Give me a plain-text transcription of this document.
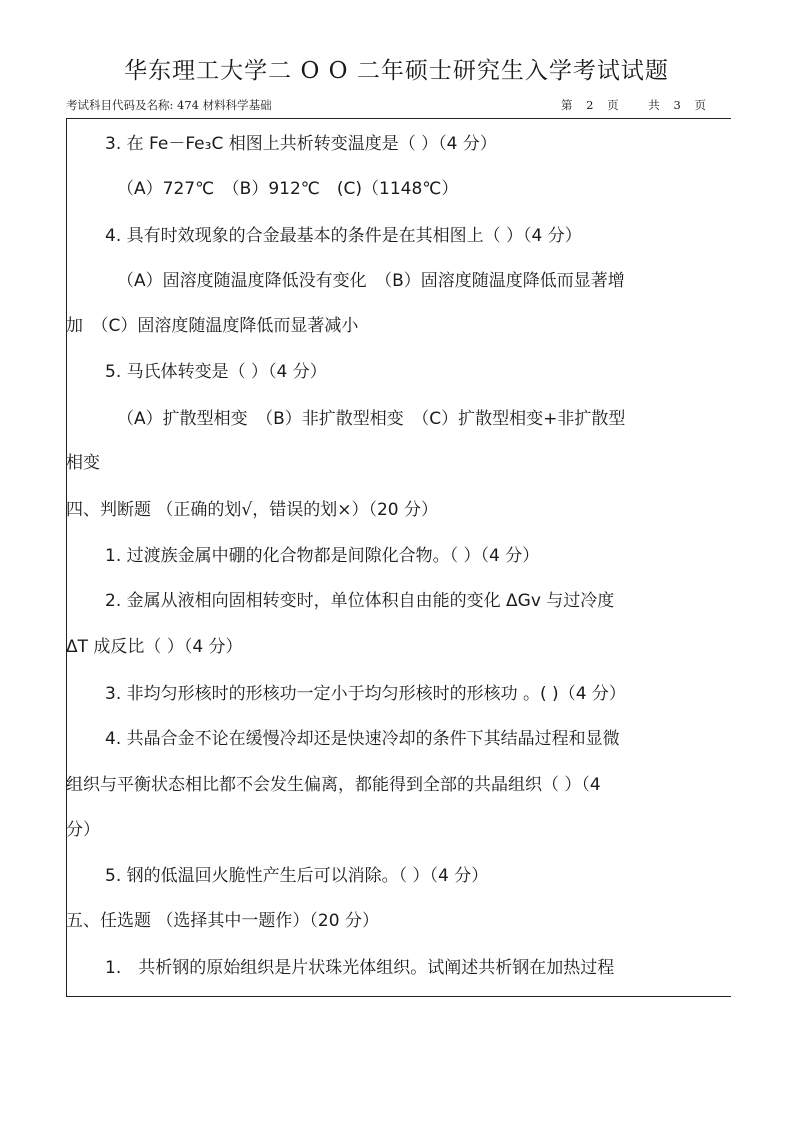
华东理工大学二 O O 二年硕士研究生入学考试试题
考试科目代码及名称: 474 材料科学基础	第 2 页	共 3 页
3. 在 Fe－Fe₃C 相图上共析转变温度是（ ）（4 分）
（A）727℃　（B）912℃　(C)（1148℃）
4. 具有时效现象的合金最基本的条件是在其相图上（ ）（4 分）
（A）固溶度随温度降低没有变化　（B）固溶度随温度降低而显著增
加　（C）固溶度随温度降低而显著减小
5. 马氏体转变是（ ）（4 分）
（A）扩散型相变　（B）非扩散型相变　（C）扩散型相变+非扩散型
相变
四、判断题 （正确的划√，错误的划×）（20 分）
1. 过渡族金属中硼的化合物都是间隙化合物。（ ）（4 分）
2. 金属从液相向固相转变时，单位体积自由能的变化 ΔGv 与过冷度
ΔT 成反比（ ）（4 分）
3. 非均匀形核时的形核功一定小于均匀形核时的形核功 。( )（4 分）
4. 共晶合金不论在缓慢冷却还是快速冷却的条件下其结晶过程和显微
组织与平衡状态相比都不会发生偏离，都能得到全部的共晶组织（ ）（4
分）
5. 钢的低温回火脆性产生后可以消除。（ ）（4 分）
五、任选题 （选择其中一题作）（20 分）
1.　共析钢的原始组织是片状珠光体组织。试阐述共析钢在加热过程
